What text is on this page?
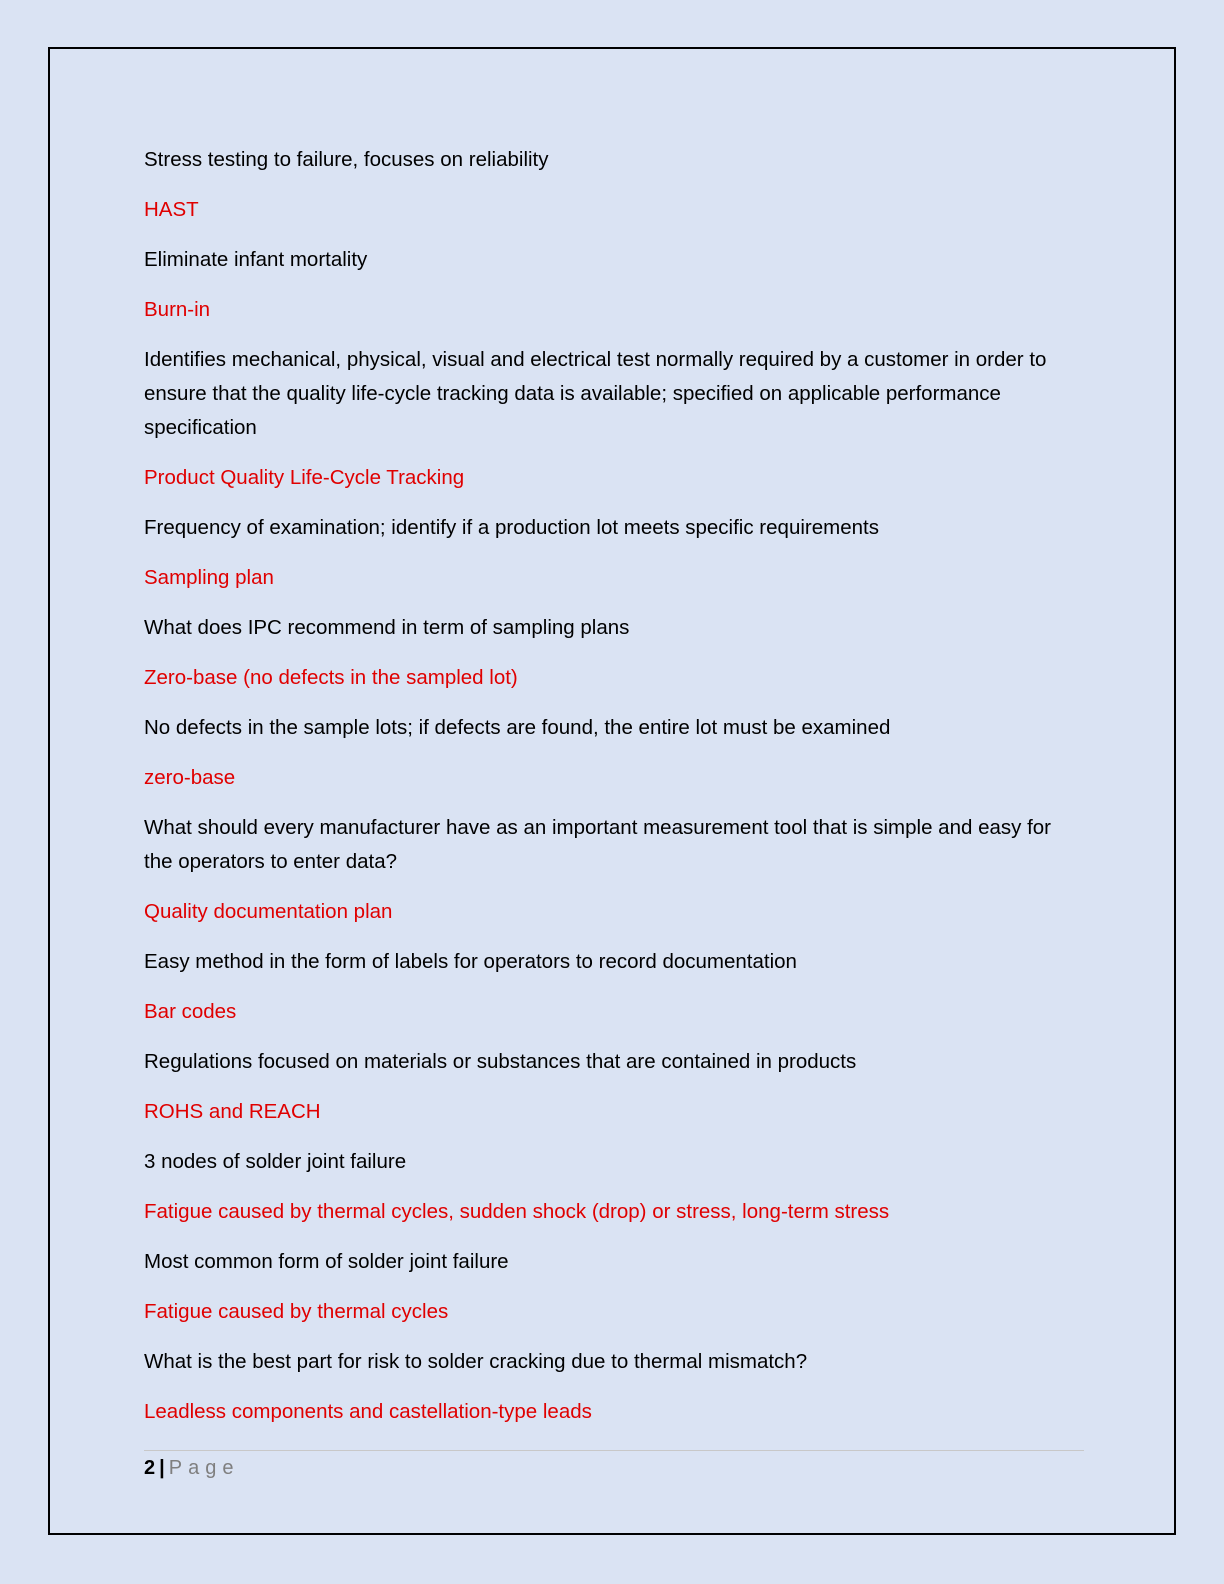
Stress testing to failure, focuses on reliability

HAST

Eliminate infant mortality

Burn-in

Identifies mechanical, physical, visual and electrical test normally required by a customer in order to ensure that the quality life-cycle tracking data is available; specified on applicable performance specification

Product Quality Life-Cycle Tracking

Frequency of examination; identify if a production lot meets specific requirements

Sampling plan

What does IPC recommend in term of sampling plans

Zero-base (no defects in the sampled lot)

No defects in the sample lots; if defects are found, the entire lot must be examined

zero-base

What should every manufacturer have as an important measurement tool that is simple and easy for the operators to enter data?

Quality documentation plan

Easy method in the form of labels for operators to record documentation

Bar codes

Regulations focused on materials or substances that are contained in products

ROHS and REACH

3 nodes of solder joint failure

Fatigue caused by thermal cycles, sudden shock (drop) or stress, long-term stress

Most common form of solder joint failure

Fatigue caused by thermal cycles

What is the best part for risk to solder cracking due to thermal mismatch?

Leadless components and castellation-type leads

2 | Page
